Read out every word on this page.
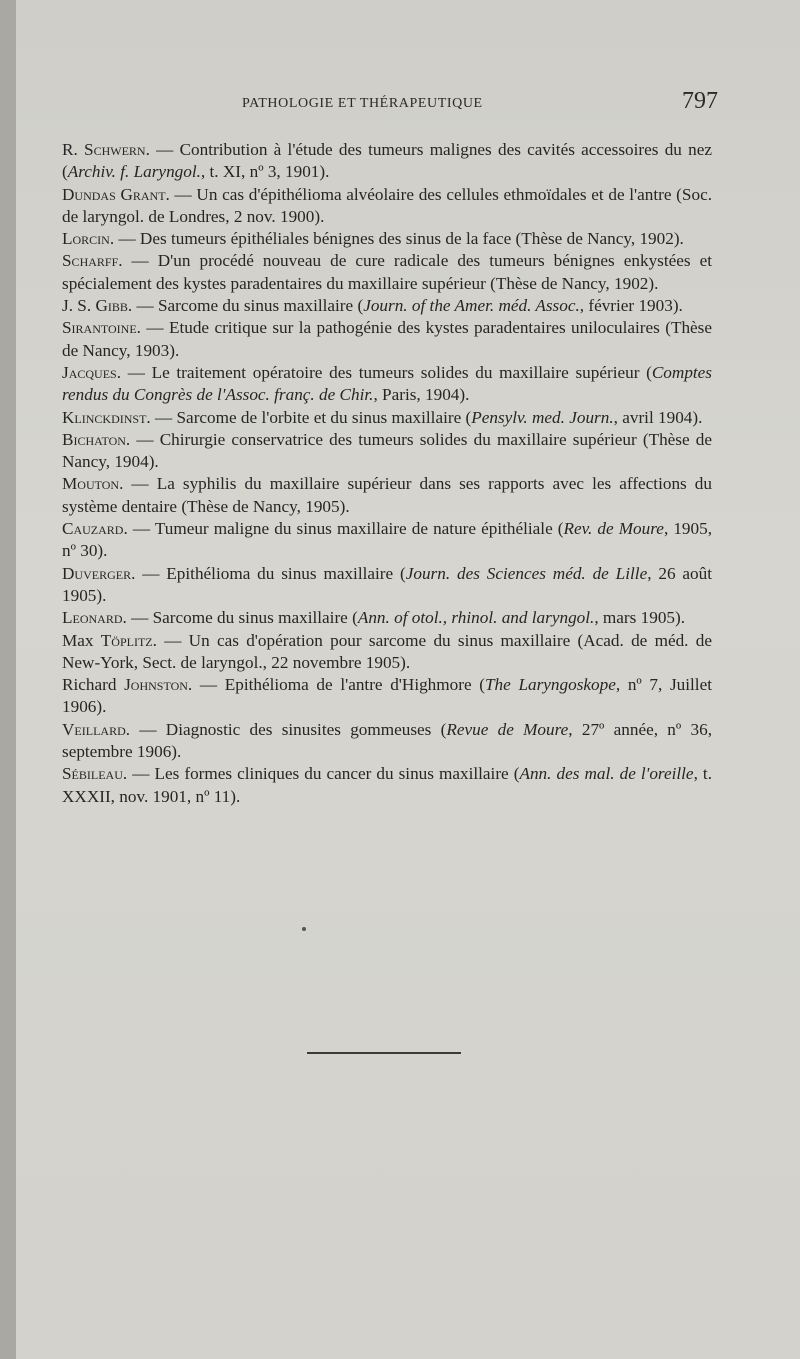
PATHOLOGIE ET THÉRAPEUTIQUE	797

R. Schwern. — Contribution à l'étude des tumeurs malignes des cavités accessoires du nez (Archiv. f. Laryngol., t. XI, nº 3, 1901).

Dundas Grant. — Un cas d'épithélioma alvéolaire des cellules ethmoïdales et de l'antre (Soc. de laryngol. de Londres, 2 nov. 1900).

Lorcin. — Des tumeurs épithéliales bénignes des sinus de la face (Thèse de Nancy, 1902).

Scharff. — D'un procédé nouveau de cure radicale des tumeurs bénignes enkystées et spécialement des kystes paradentaires du maxillaire supérieur (Thèse de Nancy, 1902).

J. S. Gibb. — Sarcome du sinus maxillaire (Journ. of the Amer. méd. Assoc., février 1903).

Sirantoine. — Etude critique sur la pathogénie des kystes paradentaires uniloculaires (Thèse de Nancy, 1903).

Jacques. — Le traitement opératoire des tumeurs solides du maxillaire supérieur (Comptes rendus du Congrès de l'Assoc. franç. de Chir., Paris, 1904).

Klinckdinst. — Sarcome de l'orbite et du sinus maxillaire (Pensylv. med. Journ., avril 1904).

Bichaton. — Chirurgie conservatrice des tumeurs solides du maxillaire supérieur (Thèse de Nancy, 1904).

Mouton. — La syphilis du maxillaire supérieur dans ses rapports avec les affections du système dentaire (Thèse de Nancy, 1905).

Cauzard. — Tumeur maligne du sinus maxillaire de nature épithéliale (Rev. de Moure, 1905, nº 30).

Duverger. — Epithélioma du sinus maxillaire (Journ. des Sciences méd. de Lille, 26 août 1905).

Leonard. — Sarcome du sinus maxillaire (Ann. of otol., rhinol. and laryngol., mars 1905).

Max Töplitz. — Un cas d'opération pour sarcome du sinus maxillaire (Acad. de méd. de New-York, Sect. de laryngol., 22 novembre 1905).

Richard Johnston. — Epithélioma de l'antre d'Highmore (The Laryngoskope, nº 7, Juillet 1906).

Veillard. — Diagnostic des sinusites gommeuses (Revue de Moure, 27º année, nº 36, septembre 1906).

Sébileau. — Les formes cliniques du cancer du sinus maxillaire (Ann. des mal. de l'oreille, t. XXXII, nov. 1901, nº 11).
